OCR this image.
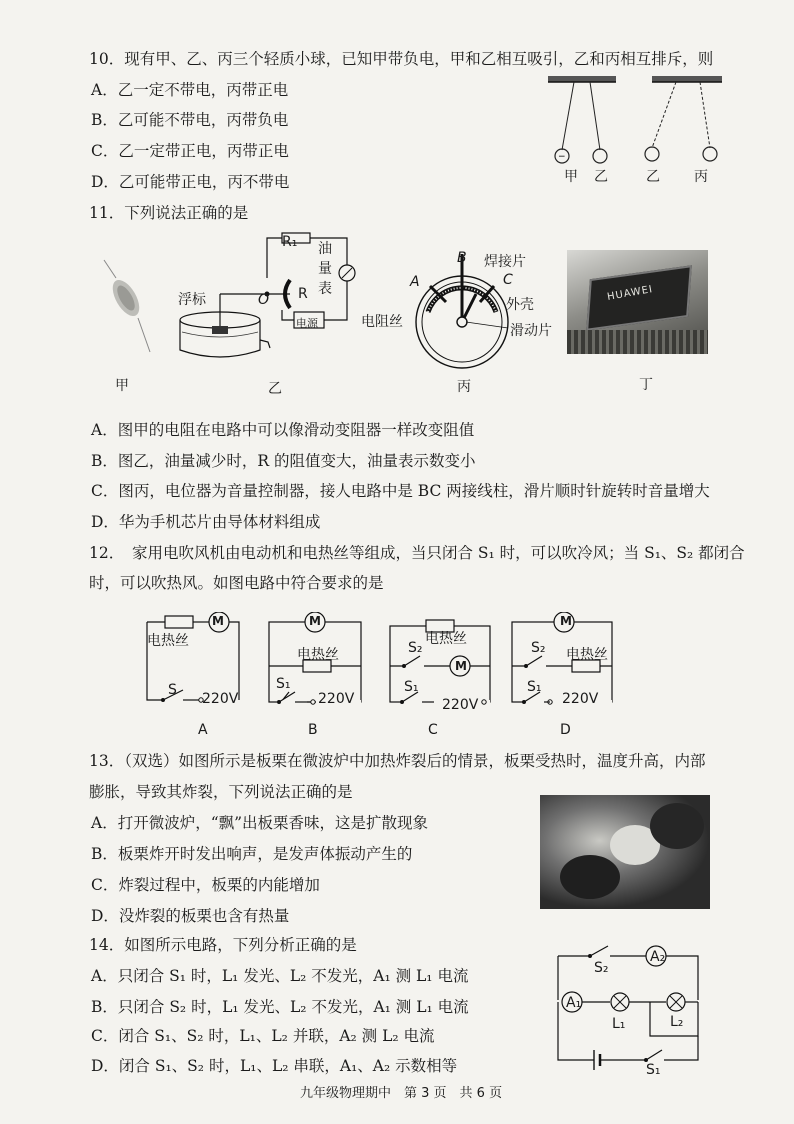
10．现有甲、乙、丙三个轻质小球，已知甲带负电，甲和乙相互吸引，乙和丙相互排斥，则
A．乙一定不带电，丙带正电
B．乙可能不带电，丙带负电
C．乙一定带正电，丙带正电
D．乙可能带正电，丙不带电
−
甲 乙	乙 丙
11．下列说法正确的是
R₁ 油
量
表
浮标	O R
电源
A
B
C
焊接片
外壳
电阻丝
滑动片
HUAWEI
甲	乙	丙	丁
A．图甲的电阻在电路中可以像滑动变阻器一样改变阻值
B．图乙，油量减少时，R 的阻值变大，油量表示数变小
C．图丙，电位器为音量控制器，接人电路中是 BC 两接线柱，滑片顺时针旋转时音量增大
D．华为手机芯片由导体材料组成
12．　家用电吹风机由电动机和电热丝等组成，当只闭合 S₁ 时，可以吹冷风；当 S₁、S₂ 都闭合
时，可以吹热风。如图电路中符合要求的是
M
电热丝
S
220V
M
电热丝
S₁
220V
电热丝
S₂
M
S₁
220V
M
S₂ 电热丝
S₁
220V
A	B	C	D
13．（双选）如图所示是板栗在微波炉中加热炸裂后的情景，板栗受热时，温度升高，内部
膨胀，导致其炸裂，下列说法正确的是
A．打开微波炉，“飘”出板栗香味，这是扩散现象
B．板栗炸开时发出响声，是发声体振动产生的
C．炸裂过程中，板栗的内能增加
D．没炸裂的板栗也含有热量
14．如图所示电路，下列分析正确的是
A．只闭合 S₁ 时，L₁ 发光、L₂ 不发光，A₁ 测 L₁ 电流
B．只闭合 S₂ 时，L₁ 发光、L₂ 不发光，A₁ 测 L₁ 电流
C．闭合 S₁、S₂ 时，L₁、L₂ 并联，A₂ 测 L₂ 电流
D．闭合 S₁、S₂ 时，L₁、L₂ 串联，A₁、A₂ 示数相等
A₂
S₂
A₁
L₁	L₂
S₁
九年级物理期中　第 3 页　共 6 页
